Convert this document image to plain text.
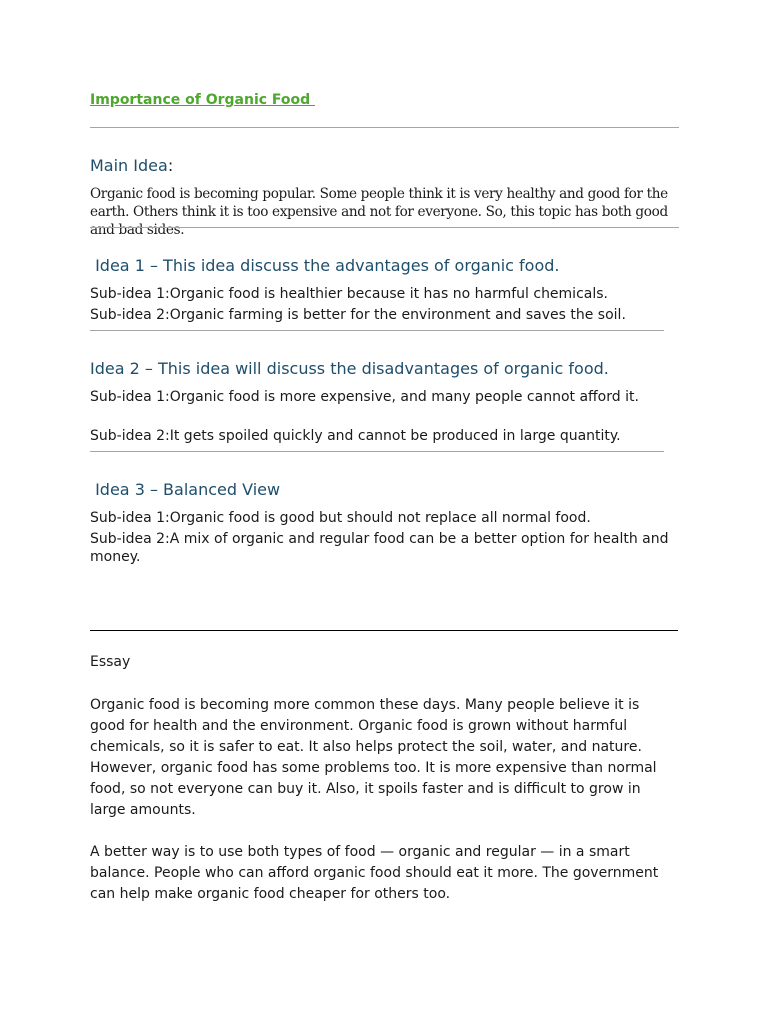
Importance of Organic Food
Main Idea:
Organic food is becoming popular. Some people think it is very healthy and good for the earth. Others think it is too expensive and not for everyone. So, this topic has both good and bad sides.
Idea 1 – This idea discuss the advantages of organic food.
Sub-idea 1:Organic food is healthier because it has no harmful chemicals.
Sub-idea 2:Organic farming is better for the environment and saves the soil.
Idea 2 – This idea will discuss the disadvantages of organic food.
Sub-idea 1:Organic food is more expensive, and many people cannot afford it.
Sub-idea 2:It gets spoiled quickly and cannot be produced in large quantity.
Idea 3 – Balanced View
Sub-idea 1:Organic food is good but should not replace all normal food.
Sub-idea 2:A mix of organic and regular food can be a better option for health and money.
Essay

Organic food is becoming more common these days. Many people believe it is good for health and the environment. Organic food is grown without harmful chemicals, so it is safer to eat. It also helps protect the soil, water, and nature.

However, organic food has some problems too. It is more expensive than normal food, so not everyone can buy it. Also, it spoils faster and is difficult to grow in large amounts.

A better way is to use both types of food — organic and regular — in a smart balance. People who can afford organic food should eat it more. The government can help make organic food cheaper for others too.
